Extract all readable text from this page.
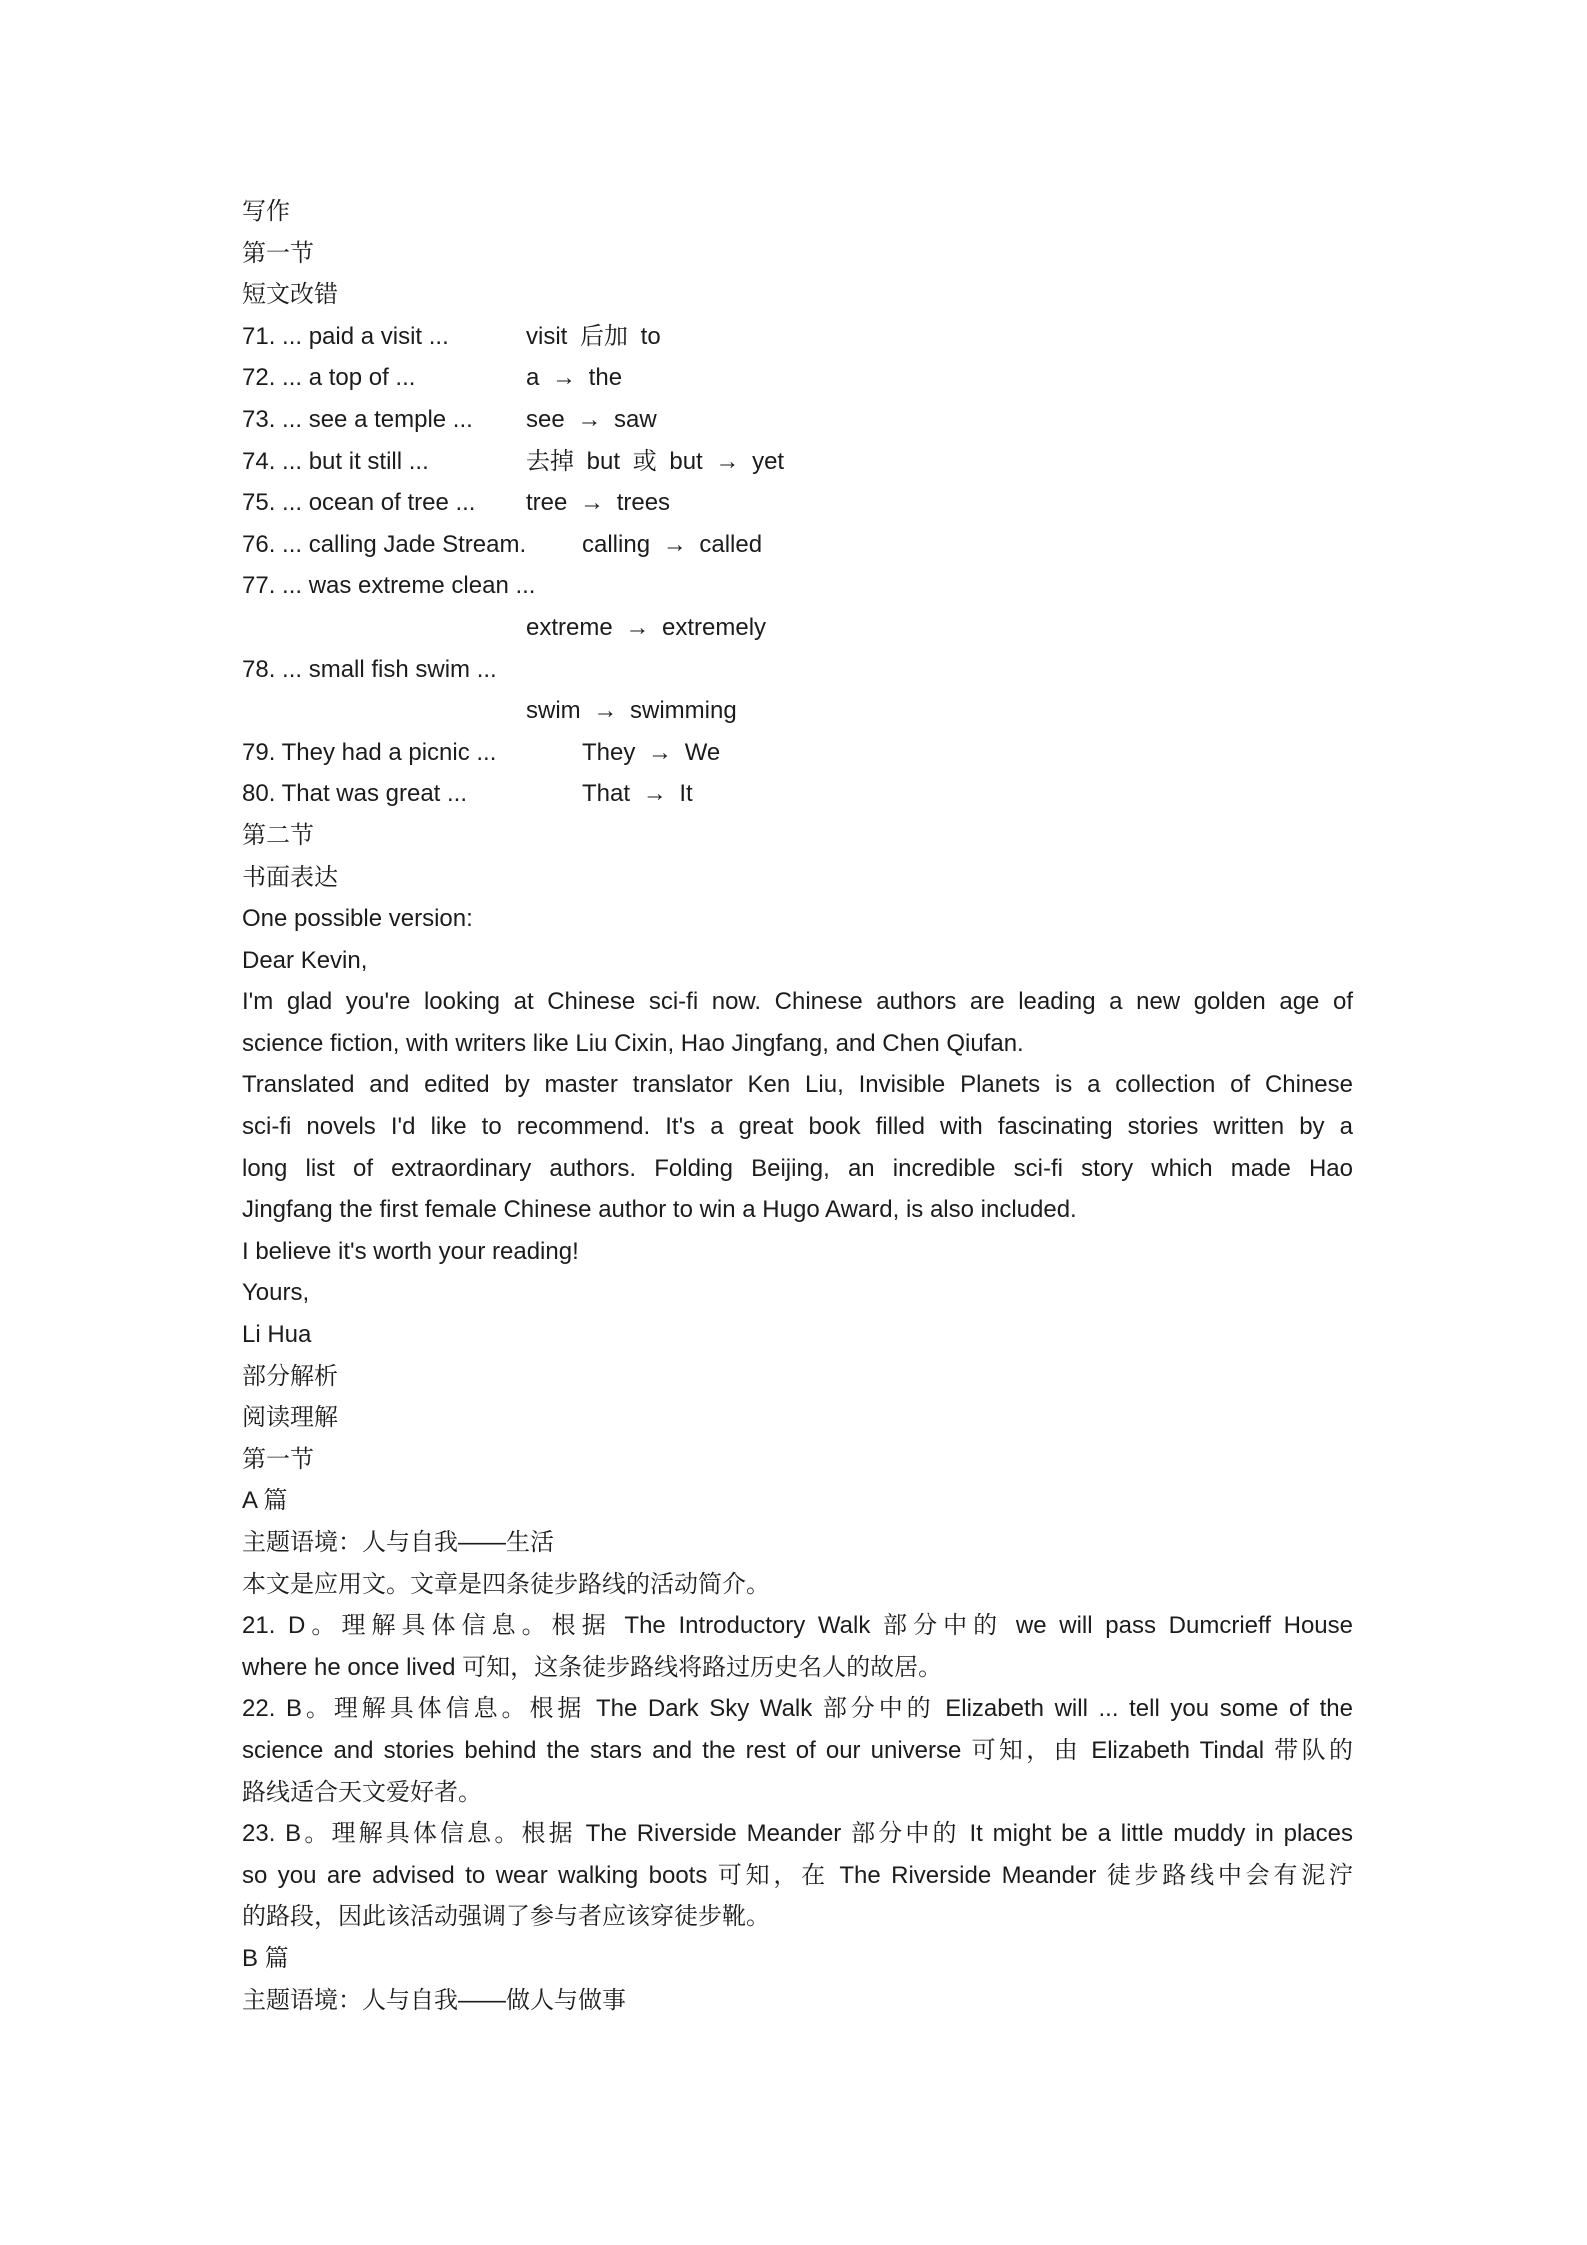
写作
第一节
短文改错
71. ... paid a visit ...	visit 后加 to
72. ... a top of ...	a → the
73. ... see a temple ... see → saw
74. ... but it still ...	去掉 but 或 but → yet
75. ... ocean of tree ... tree → trees
76. ... calling Jade Stream. calling → called
77. ... was extreme clean ...
extreme → extremely
78. ... small fish swim ...
swim → swimming
79. They had a picnic ...	They → We
80. That was great ...	That → It
第二节
书面表达
One possible version:
Dear Kevin,
I'm glad you're looking at Chinese sci-fi now. Chinese authors are leading a new golden age of
science fiction, with writers like Liu Cixin, Hao Jingfang, and Chen Qiufan.
Translated and edited by master translator Ken Liu, Invisible Planets is a collection of Chinese
sci-fi novels I'd like to recommend. It's a great book filled with fascinating stories written by a
long list of extraordinary authors. Folding Beijing, an incredible sci-fi story which made Hao
Jingfang the first female Chinese author to win a Hugo Award, is also included.
I believe it's worth your reading!
Yours,
Li Hua
部分解析
阅读理解
第一节
A 篇
主题语境：人与自我——生活
本文是应用文。文章是四条徒步路线的活动简介。
21. D。理解具体信息。根据 The Introductory Walk 部分中的 we will pass Dumcrieff House
where he once lived 可知，这条徒步路线将路过历史名人的故居。
22. B。理解具体信息。根据 The Dark Sky Walk 部分中的 Elizabeth will ... tell you some of the
science and stories behind the stars and the rest of our universe 可知，由 Elizabeth Tindal 带队的
路线适合天文爱好者。
23. B。理解具体信息。根据 The Riverside Meander 部分中的 It might be a little muddy in places
so you are advised to wear walking boots 可知，在 The Riverside Meander 徒步路线中会有泥泞
的路段，因此该活动强调了参与者应该穿徒步靴。
B 篇
主题语境：人与自我——做人与做事
